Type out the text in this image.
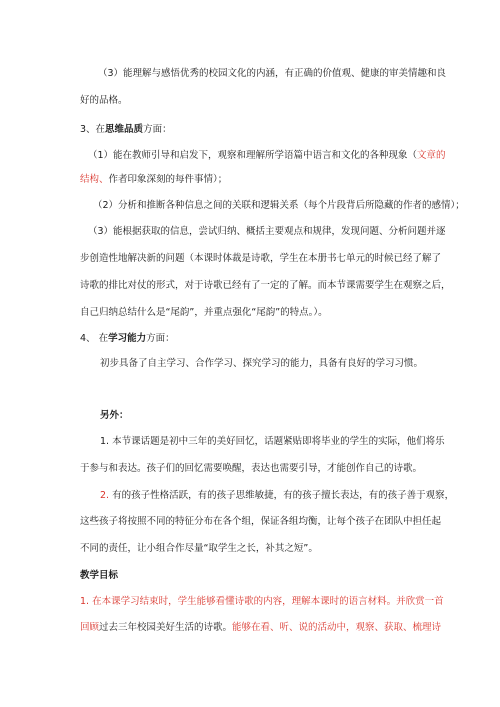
（3）能理解与感悟优秀的校园文化的内涵，有正确的价值观、健康的审美情趣和良
好的品格。
3、在思维品质方面：
（1）能在教师引导和启发下，观察和理解所学语篇中语言和文化的各种现象（文章的
结构、作者印象深刻的每件事情）；
（2）分析和推断各种信息之间的关联和逻辑关系（每个片段背后所隐藏的作者的感情）；
（3）能根据获取的信息，尝试归纳、概括主要观点和规律，发现问题、分析问题并逐
步创造性地解决新的问题（本课时体裁是诗歌，学生在本册书七单元的时候已经了解了
诗歌的排比对仗的形式，对于诗歌已经有了一定的了解。而本节课需要学生在观察之后，
自己归纳总结什么是“尾韵”，并重点强化“尾韵”的特点。）。
4、 在学习能力方面：
初步具备了自主学习、合作学习、探究学习的能力，具备有良好的学习习惯。
另外：
1. 本节课话题是初中三年的美好回忆，话题紧贴即将毕业的学生的实际，他们将乐
于参与和表达。孩子们的回忆需要唤醒，表达也需要引导，才能创作自己的诗歌。
2. 有的孩子性格活跃，有的孩子思维敏捷，有的孩子擅长表达，有的孩子善于观察，
这些孩子将按照不同的特征分布在各个组，保证各组均衡，让每个孩子在团队中担任起
不同的责任，让小组合作尽量“取学生之长，补其之短”。
教学目标
1. 在本课学习结束时，学生能够看懂诗歌的内容，理解本课时的语言材料。并欣赏一首
回顾过去三年校园美好生活的诗歌。能够在看、听、说的活动中，观察、获取、梳理诗
